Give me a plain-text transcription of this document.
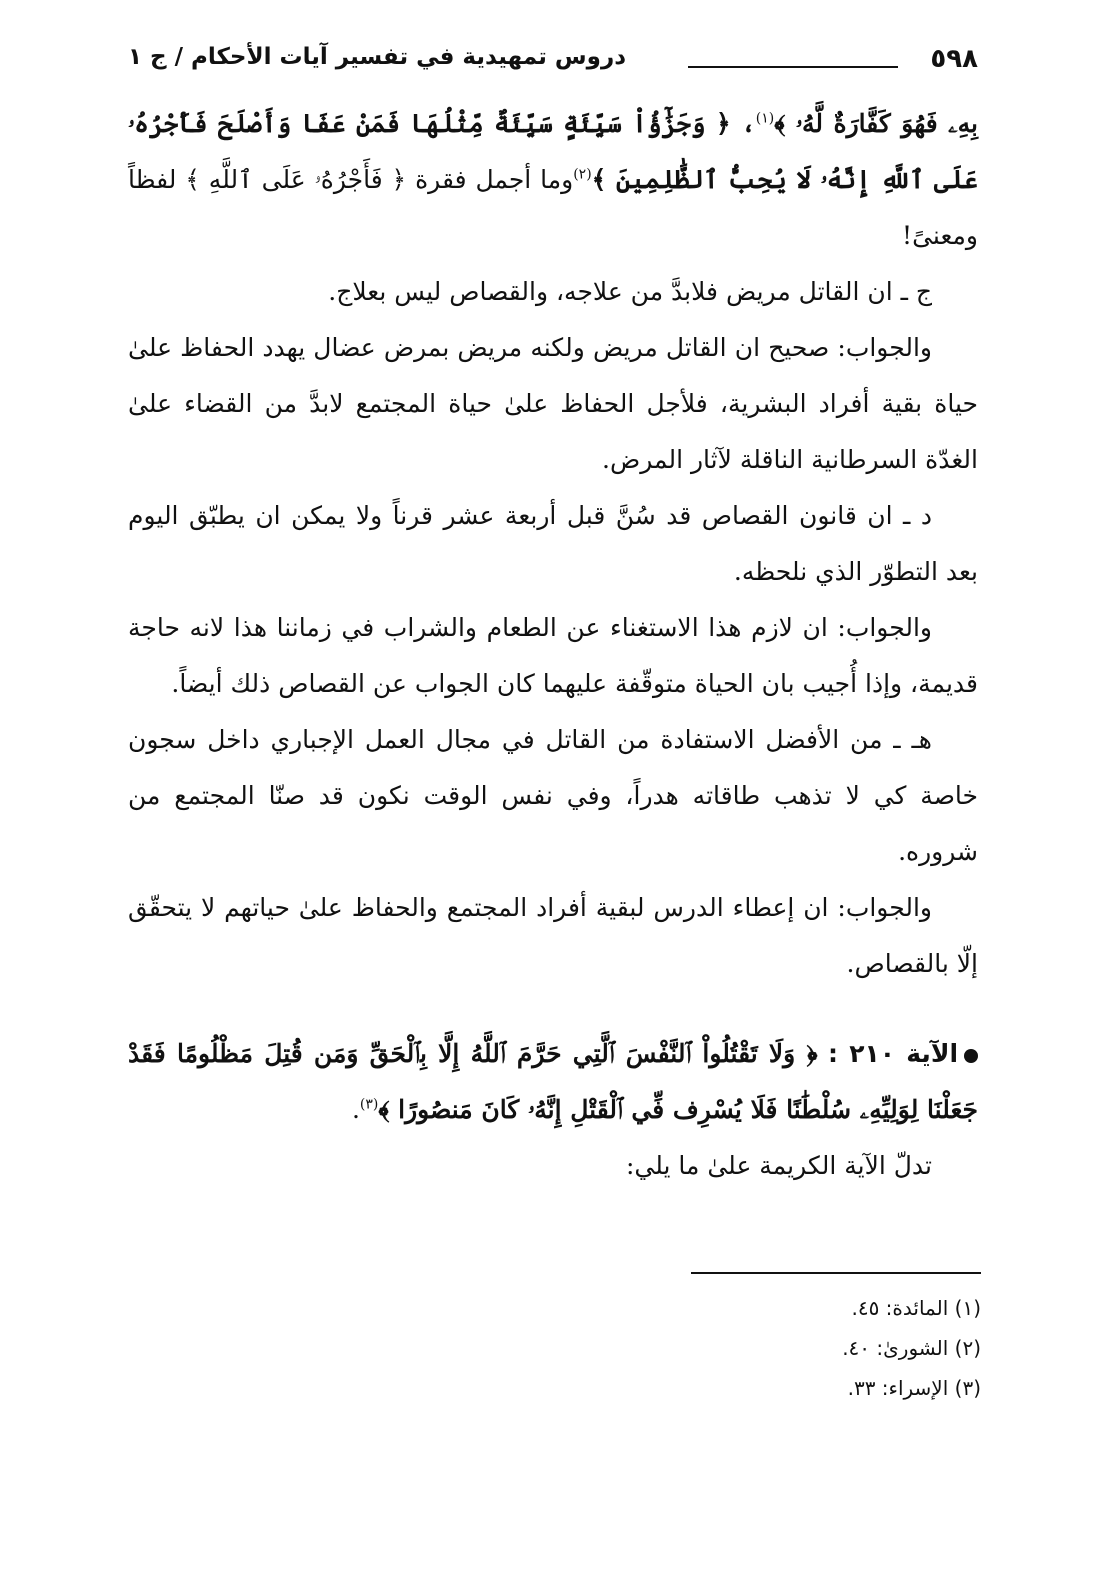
٥٩٨
دروس تمهيدية في تفسير آيات الأحكام / ج ١

بِهِۦ فَهُوَ كَفَّارَةٌ لَّهُۥ ﴾$^{(١)}$، ﴿ وَجَزَٰٓؤُاْ سَيِّئَةٍ سَيِّئَةٌ مِّثْلُهَا فَمَنْ عَفَا وَأَصْلَحَ فَأَجْرُهُۥ عَلَى ٱللَّهِ إِنَّهُۥ لَا يُحِبُّ ٱلظَّٰلِمِينَ ﴾$^{(٢)}$وما أجمل فقرة ﴿ فَأَجْرُهُۥ عَلَى ٱللَّهِ ﴾ لفظاً ومعنىً!

ج ـ ان القاتل مريض فلابدَّ من علاجه، والقصاص ليس بعلاج.

والجواب: صحيح ان القاتل مريض ولكنه مريض بمرض عضال يهدد الحفاظ علىٰ حياة بقية أفراد البشرية، فلأجل الحفاظ علىٰ حياة المجتمع لابدَّ من القضاء علىٰ الغدّة السرطانية الناقلة لآثار المرض.

د ـ ان قانون القصاص قد سُنَّ قبل أربعة عشر قرناً ولا يمكن ان يطبّق اليوم بعد التطوّر الذي نلحظه.

والجواب: ان لازم هذا الاستغناء عن الطعام والشراب في زماننا هذا لانه حاجة قديمة، وإذا أُجيب بان الحياة متوقّفة عليهما كان الجواب عن القصاص ذلك أيضاً.

هـ ـ من الأفضل الاستفادة من القاتل في مجال العمل الإجباري داخل سجون خاصة كي لا تذهب طاقاته هدراً، وفي نفس الوقت نكون قد صنّا المجتمع من شروره.

والجواب: ان إعطاء الدرس لبقية أفراد المجتمع والحفاظ علىٰ حياتهم لا يتحقّق إلّا بالقصاص.

الآية ٢١٠ : ﴿ وَلَا تَقْتُلُواْ ٱلنَّفْسَ ٱلَّتِي حَرَّمَ ٱللَّهُ إِلَّا بِٱلْحَقِّ وَمَن قُتِلَ مَظْلُومًا فَقَدْ جَعَلْنَا لِوَلِيِّهِۦ سُلْطَٰنًا فَلَا يُسْرِف فِّي ٱلْقَتْلِ إِنَّهُۥ كَانَ مَنصُورًا ﴾$^{(٣)}$.

تدلّ الآية الكريمة علىٰ ما يلي:

(١) المائدة: ٤٥.
(٢) الشورىٰ: ٤٠.
(٣) الإسراء: ٣٣.
